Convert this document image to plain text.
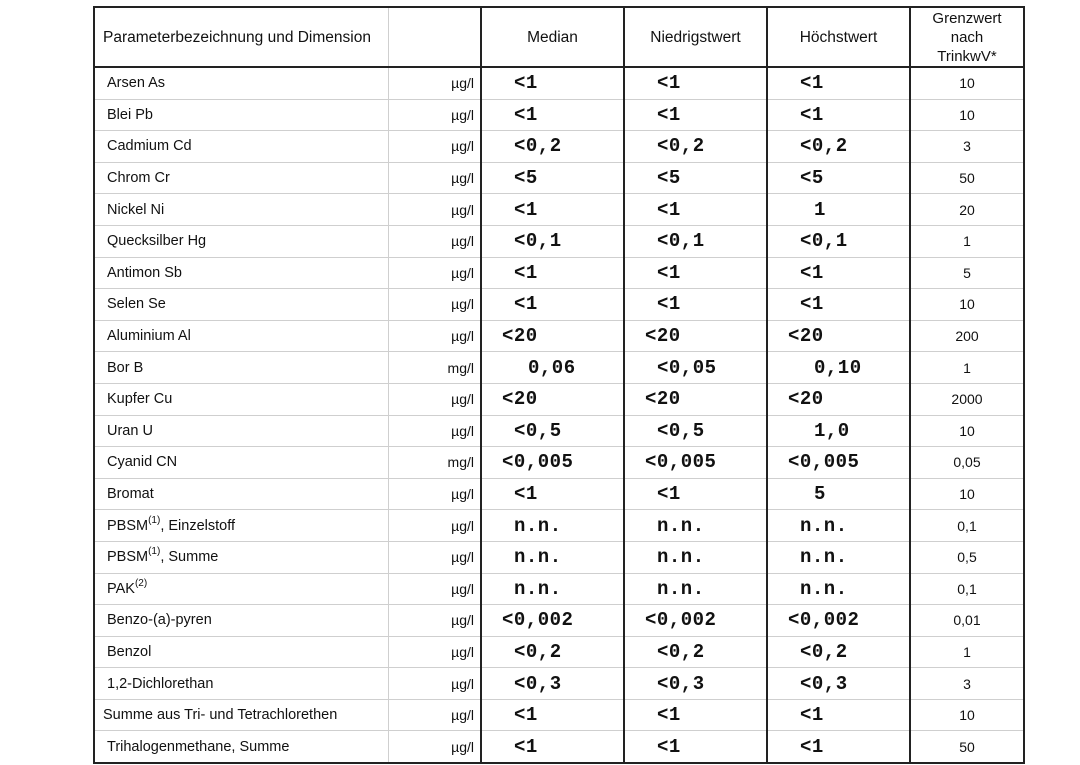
Parameterbezeichnung und Dimension		Median	Niedrigstwert	Höchstwert	Grenzwert
nach
TrinkwV*

Arsen As	µg/l	<1	<1	<1	10
Blei Pb	µg/l	<1	<1	<1	10
Cadmium Cd	µg/l	<0,2	<0,2	<0,2	3
Chrom Cr	µg/l	<5	<5	<5	50
Nickel Ni	µg/l	<1	<1	1	20
Quecksilber Hg	µg/l	<0,1	<0,1	<0,1	1
Antimon Sb	µg/l	<1	<1	<1	5
Selen Se	µg/l	<1	<1	<1	10
Aluminium Al	µg/l	<20	<20	<20	200
Bor B	mg/l	0,06	<0,05	0,10	1
Kupfer Cu	µg/l	<20	<20	<20	2000
Uran U	µg/l	<0,5	<0,5	1,0	10
Cyanid CN	mg/l	<0,005	<0,005	<0,005	0,05
Bromat	µg/l	<1	<1	5	10
PBSM$^{(1)}$, Einzelstoff	µg/l	n.n.	n.n.	n.n.	0,1
PBSM$^{(1)}$, Summe	µg/l	n.n.	n.n.	n.n.	0,5
PAK$^{(2)}$	µg/l	n.n.	n.n.	n.n.	0,1
Benzo-(a)-pyren	µg/l	<0,002	<0,002	<0,002	0,01
Benzol	µg/l	<0,2	<0,2	<0,2	1
1,2-Dichlorethan	µg/l	<0,3	<0,3	<0,3	3
Summe aus Tri- und Tetrachlorethen	µg/l	<1	<1	<1	10
Trihalogenmethane, Summe	µg/l	<1	<1	<1	50
